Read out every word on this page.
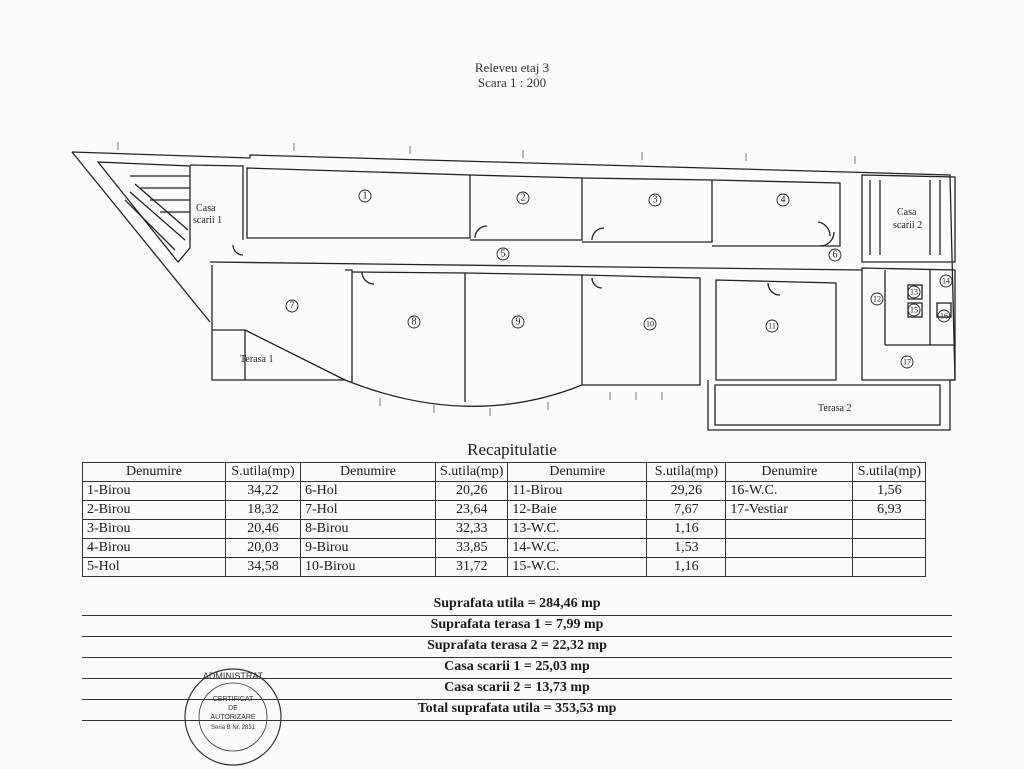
Releveu etaj 3
Scara 1 : 200
1	2	3	4
5	6
7
8	9	10	11
12
13
14
15
16
17
Casa
scarii 1
Casa
scarii 2
Terasa 1
Terasa 2
Recapitulatie
Denumire	S.utila(mp)	Denumire	S.utila(mp)	Denumire	S.utila(mp)	Denumire	S.utila(mp)
1-Birou	34,22	6-Hol	20,26	11-Birou	29,26	16-W.C.	1,56
2-Birou	18,32	7-Hol	23,64	12-Baie	7,67	17-Vestiar	6,93
3-Birou	20,46	8-Birou	32,33	13-W.C.	1,16		
4-Birou	20,03	9-Birou	33,85	14-W.C.	1,53		
5-Hol	34,58	10-Birou	31,72	15-W.C.	1,16		
Suprafata utila = 284,46 mp
Suprafata terasa 1 = 7,99 mp
Suprafata terasa 2 = 22,32 mp
Casa scarii 1 = 25,03 mp
Casa scarii 2 = 13,73 mp
Total suprafata utila = 353,53 mp
ADMINISTRAT
CERTIFICAT
DE
AUTORIZARE
Seria B Nr. 2831
